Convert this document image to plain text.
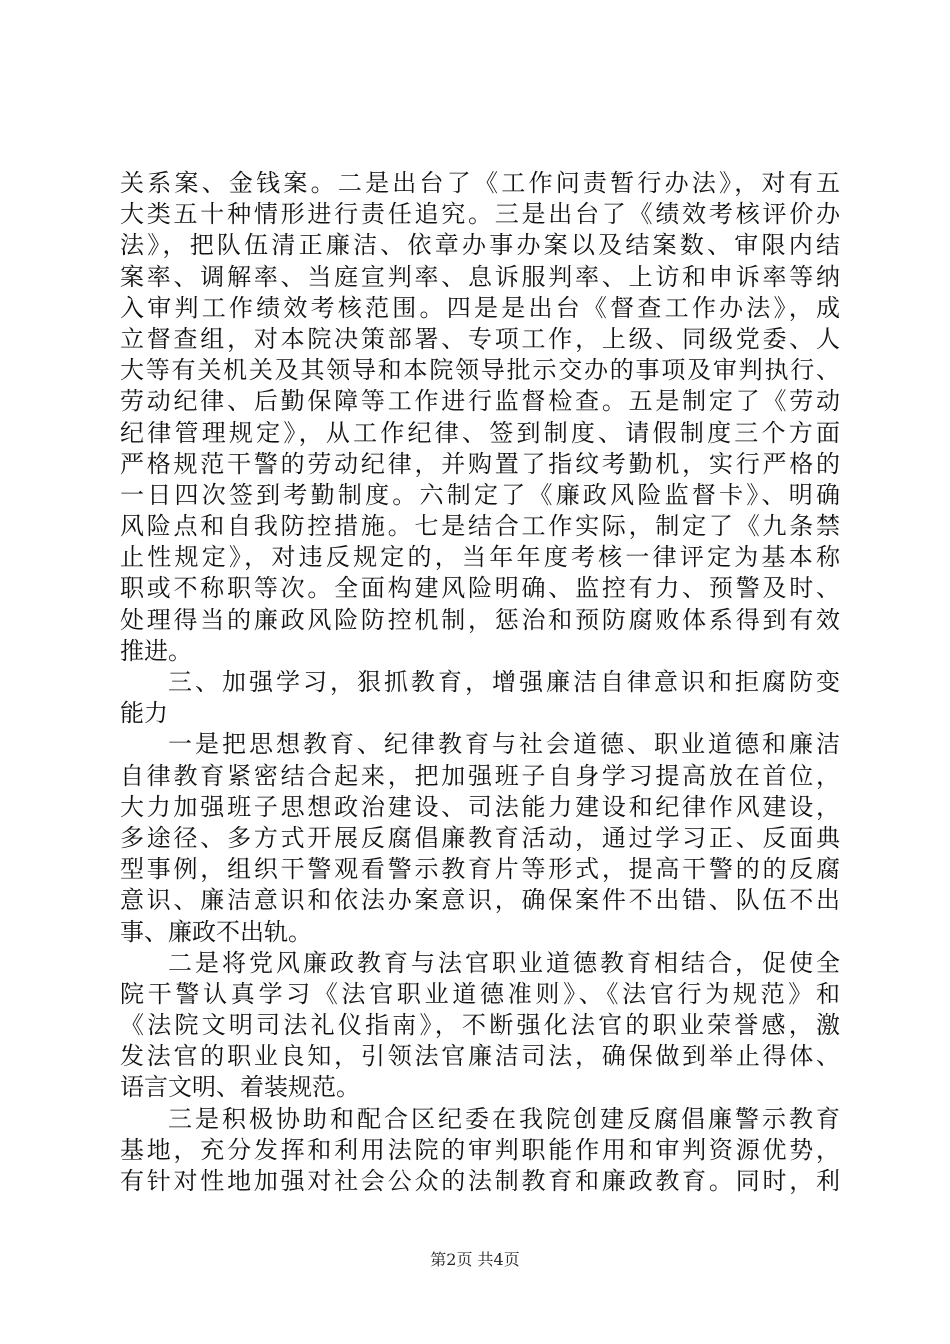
关系案、金钱案。二是出台了《工作问责暂行办法》，对有五
大类五十种情形进行责任追究。三是出台了《绩效考核评价办
法》，把队伍清正廉洁、依章办事办案以及结案数、审限内结
案率、调解率、当庭宣判率、息诉服判率、上访和申诉率等纳
入审判工作绩效考核范围。四是是出台《督查工作办法》，成
立督查组，对本院决策部署、专项工作，上级、同级党委、人
大等有关机关及其领导和本院领导批示交办的事项及审判执行、
劳动纪律、后勤保障等工作进行监督检查。五是制定了《劳动
纪律管理规定》，从工作纪律、签到制度、请假制度三个方面
严格规范干警的劳动纪律，并购置了指纹考勤机，实行严格的
一日四次签到考勤制度。六制定了《廉政风险监督卡》、明确
风险点和自我防控措施。七是结合工作实际，制定了《九条禁
止性规定》，对违反规定的，当年年度考核一律评定为基本称
职或不称职等次。全面构建风险明确、监控有力、预警及时、
处理得当的廉政风险防控机制，惩治和预防腐败体系得到有效
推进。
三、加强学习，狠抓教育，增强廉洁自律意识和拒腐防变
能力
一是把思想教育、纪律教育与社会道德、职业道德和廉洁
自律教育紧密结合起来，把加强班子自身学习提高放在首位，
大力加强班子思想政治建设、司法能力建设和纪律作风建设，
多途径、多方式开展反腐倡廉教育活动，通过学习正、反面典
型事例，组织干警观看警示教育片等形式，提高干警的的反腐
意识、廉洁意识和依法办案意识，确保案件不出错、队伍不出
事、廉政不出轨。
二是将党风廉政教育与法官职业道德教育相结合，促使全
院干警认真学习《法官职业道德准则》、《法官行为规范》和
《法院文明司法礼仪指南》，不断强化法官的职业荣誉感，激
发法官的职业良知，引领法官廉洁司法，确保做到举止得体、
语言文明、着装规范。
三是积极协助和配合区纪委在我院创建反腐倡廉警示教育
基地，充分发挥和利用法院的审判职能作用和审判资源优势，
有针对性地加强对社会公众的法制教育和廉政教育。同时，利
第2页 共4页
